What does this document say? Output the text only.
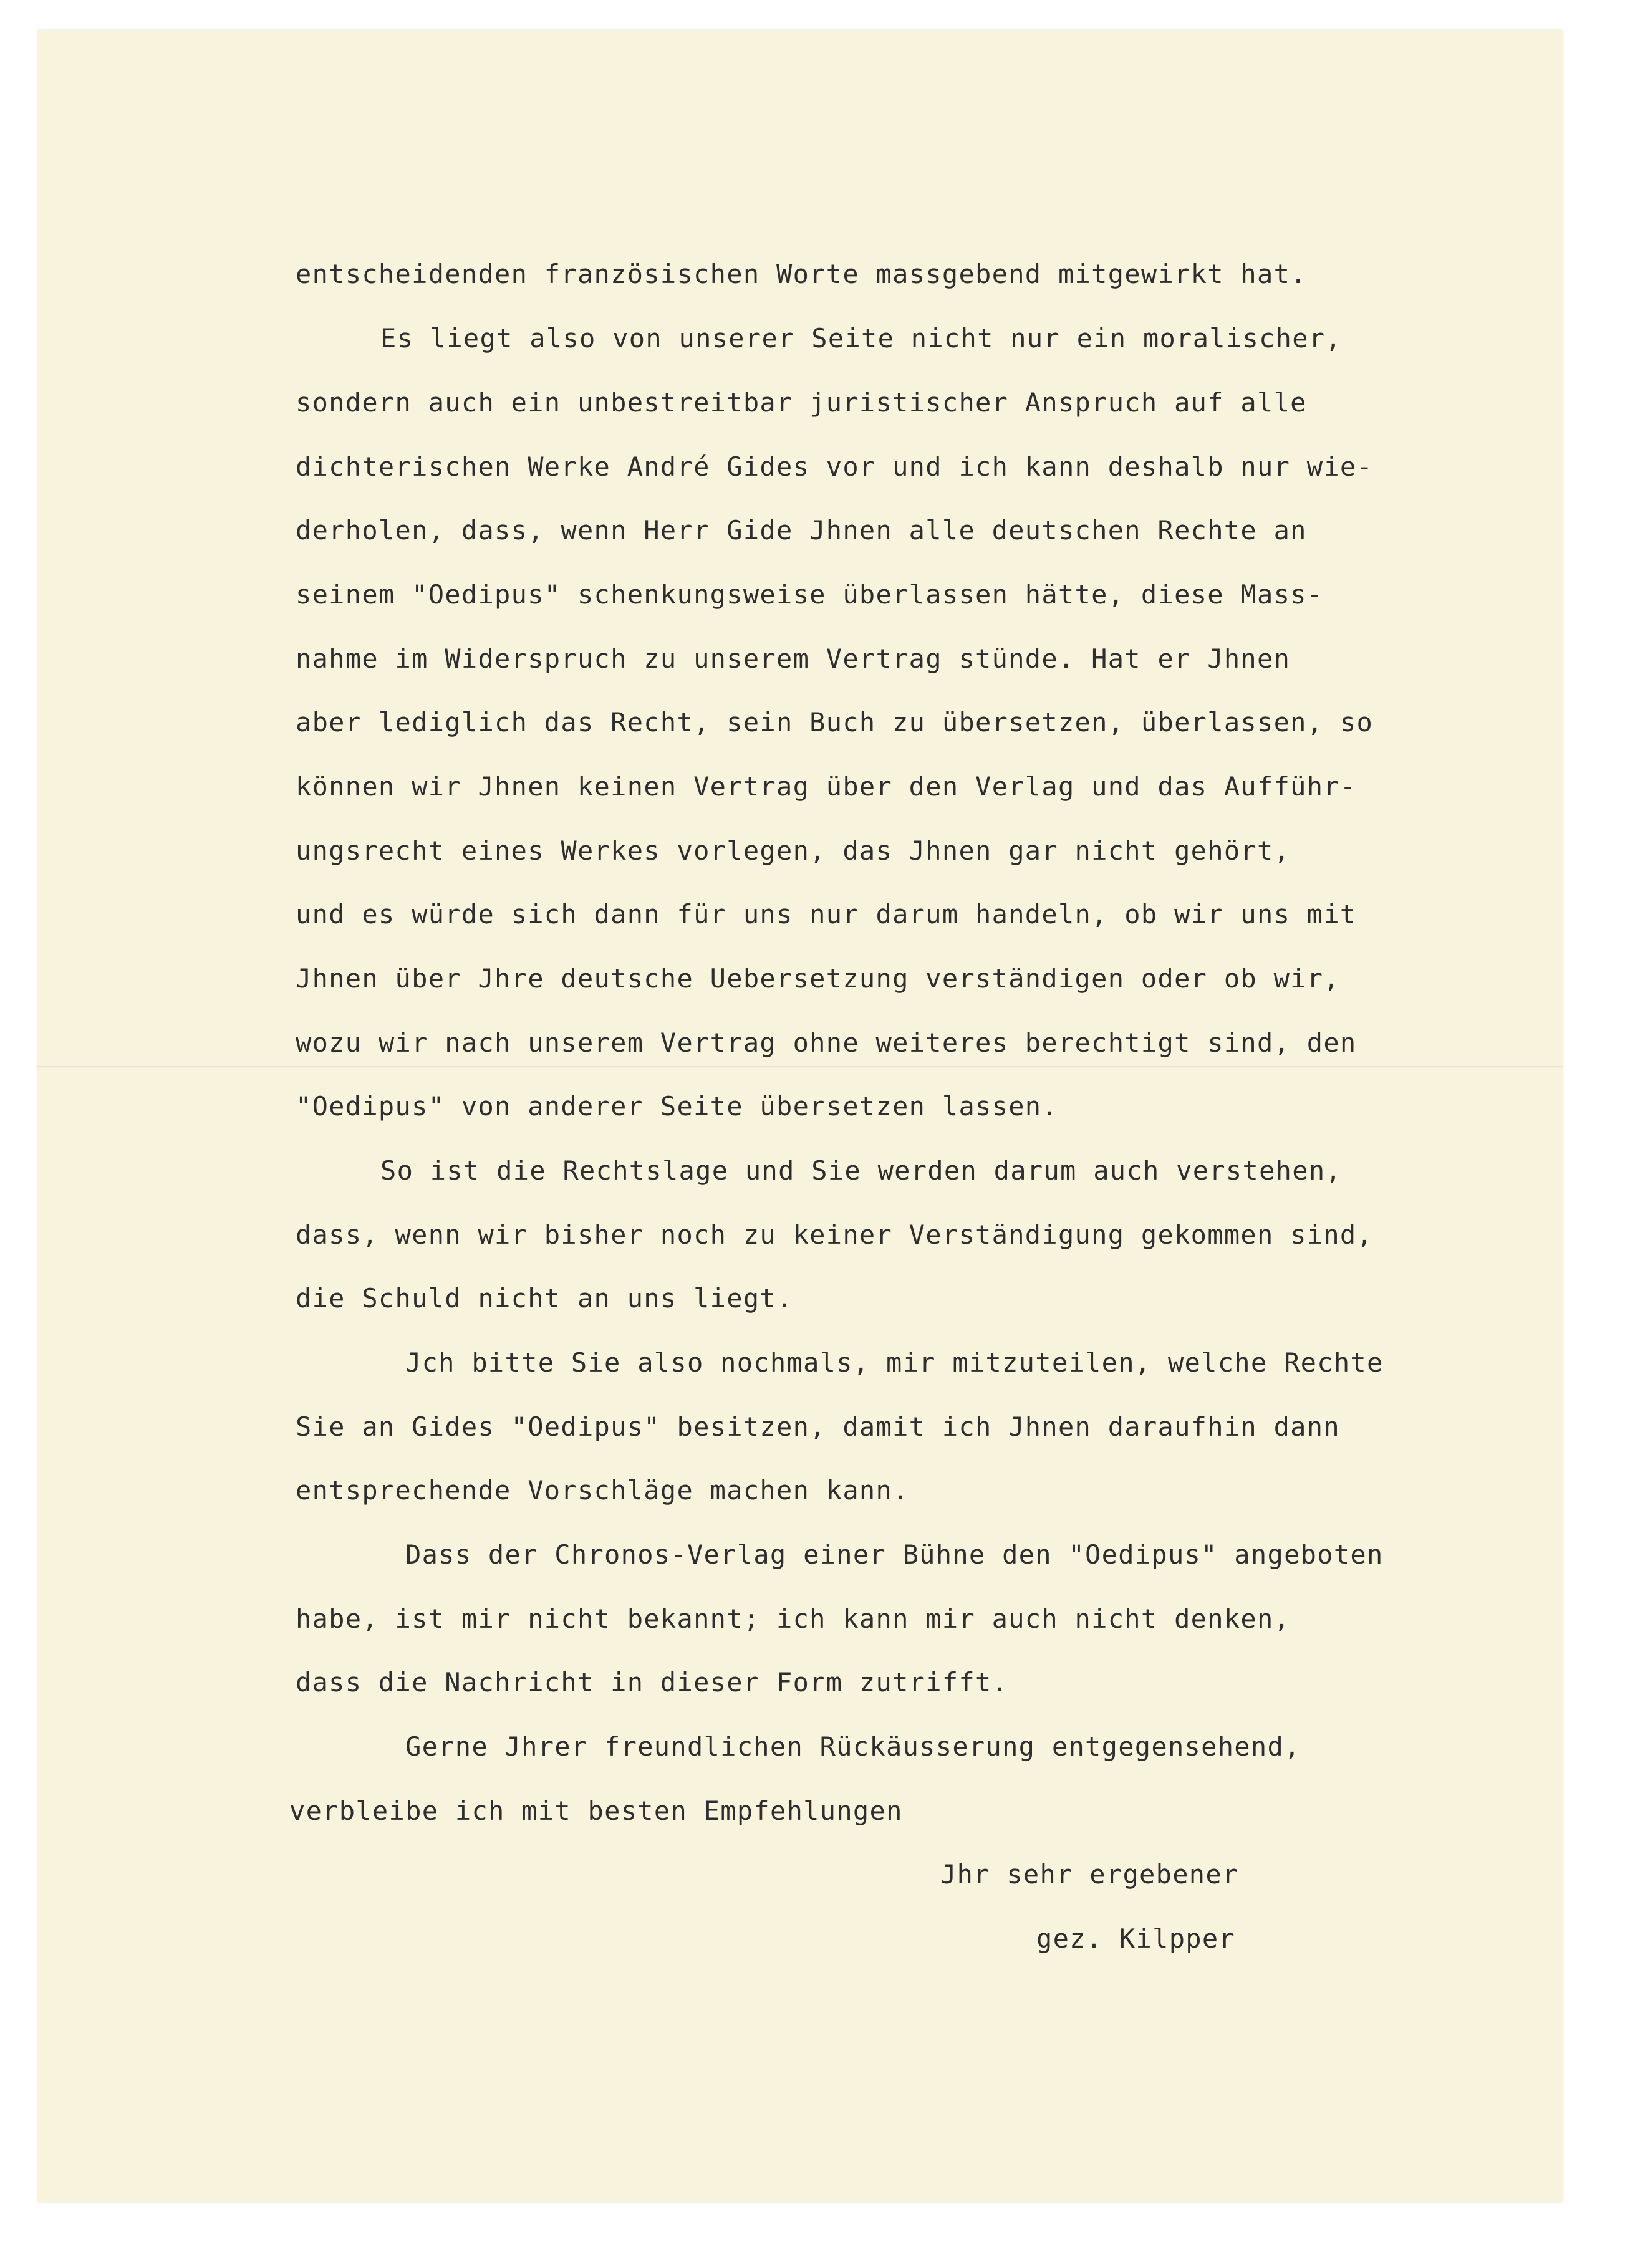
entscheidenden französischen Worte massgebend mitgewirkt hat.
Es liegt also von unserer Seite nicht nur ein moralischer,
sondern auch ein unbestreitbar juristischer Anspruch auf alle
dichterischen Werke André Gides vor und ich kann deshalb nur wie-
derholen, dass, wenn Herr Gide Jhnen alle deutschen Rechte an
seinem "Oedipus" schenkungsweise überlassen hätte, diese Mass-
nahme im Widerspruch zu unserem Vertrag stünde. Hat er Jhnen
aber lediglich das Recht, sein Buch zu übersetzen, überlassen, so
können wir Jhnen keinen Vertrag über den Verlag und das Aufführ-
ungsrecht eines Werkes vorlegen, das Jhnen gar nicht gehört,
und es würde sich dann für uns nur darum handeln, ob wir uns mit
Jhnen über Jhre deutsche Uebersetzung verständigen oder ob wir,
wozu wir nach unserem Vertrag ohne weiteres berechtigt sind, den
"Oedipus" von anderer Seite übersetzen lassen.
So ist die Rechtslage und Sie werden darum auch verstehen,
dass, wenn wir bisher noch zu keiner Verständigung gekommen sind,
die Schuld nicht an uns liegt.
Jch bitte Sie also nochmals, mir mitzuteilen, welche Rechte
Sie an Gides "Oedipus" besitzen, damit ich Jhnen daraufhin dann
entsprechende Vorschläge machen kann.
Dass der Chronos-Verlag einer Bühne den "Oedipus" angeboten
habe, ist mir nicht bekannt; ich kann mir auch nicht denken,
dass die Nachricht in dieser Form zutrifft.
Gerne Jhrer freundlichen Rückäusserung entgegensehend,
verbleibe ich mit besten Empfehlungen
Jhr sehr ergebener
gez. Kilpper
